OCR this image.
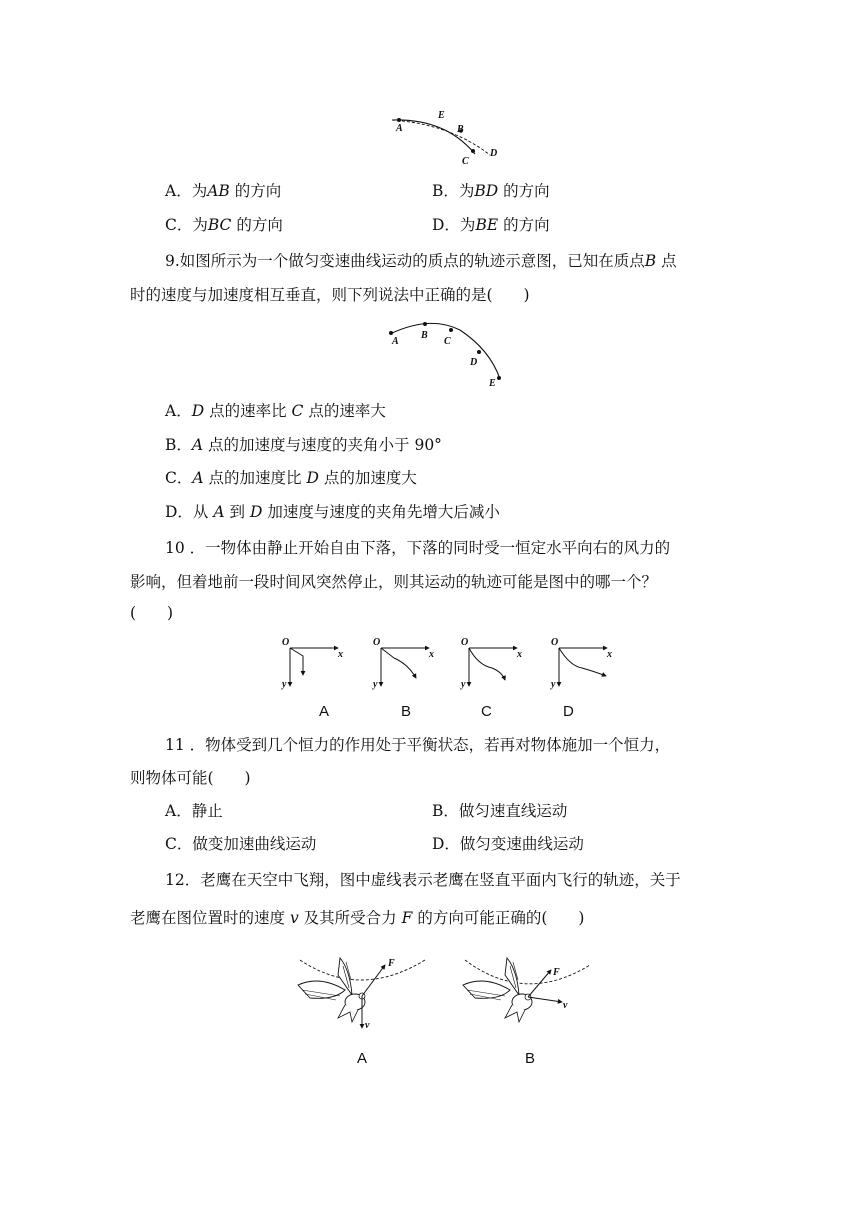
A
E
B
C
D
A．为AB 的方向	B．为BD 的方向
C．为BC 的方向	D．为BE 的方向
9.如图所示为一个做匀变速曲线运动的质点的轨迹示意图，已知在质点B 点
时的速度与加速度相互垂直，则下列说法中正确的是(　　)
A
B
C
D
E
A．D 点的速率比 C 点的速率大
B．A 点的加速度与速度的夹角小于 90°
C．A 点的加速度比 D 点的加速度大
D．从 A 到 D 加速度与速度的夹角先增大后减小
10 ．一物体由静止开始自由下落，下落的同时受一恒定水平向右的风力的
影响，但着地前一段时间风突然停止，则其运动的轨迹可能是图中的哪一个？
(　　)
O
x
y
O
x
y
O
x
y
O
x
y
A	B	C	D
11 ．物体受到几个恒力的作用处于平衡状态，若再对物体施加一个恒力，
则物体可能(　　)
A．静止	B．做匀速直线运动
C．做变加速曲线运动	D．做匀变速曲线运动
12．老鹰在天空中飞翔，图中虚线表示老鹰在竖直平面内飞行的轨迹，关于
老鹰在图位置时的速度 v 及其所受合力 F 的方向可能正确的(　　)
F
v
F
v
A	B
